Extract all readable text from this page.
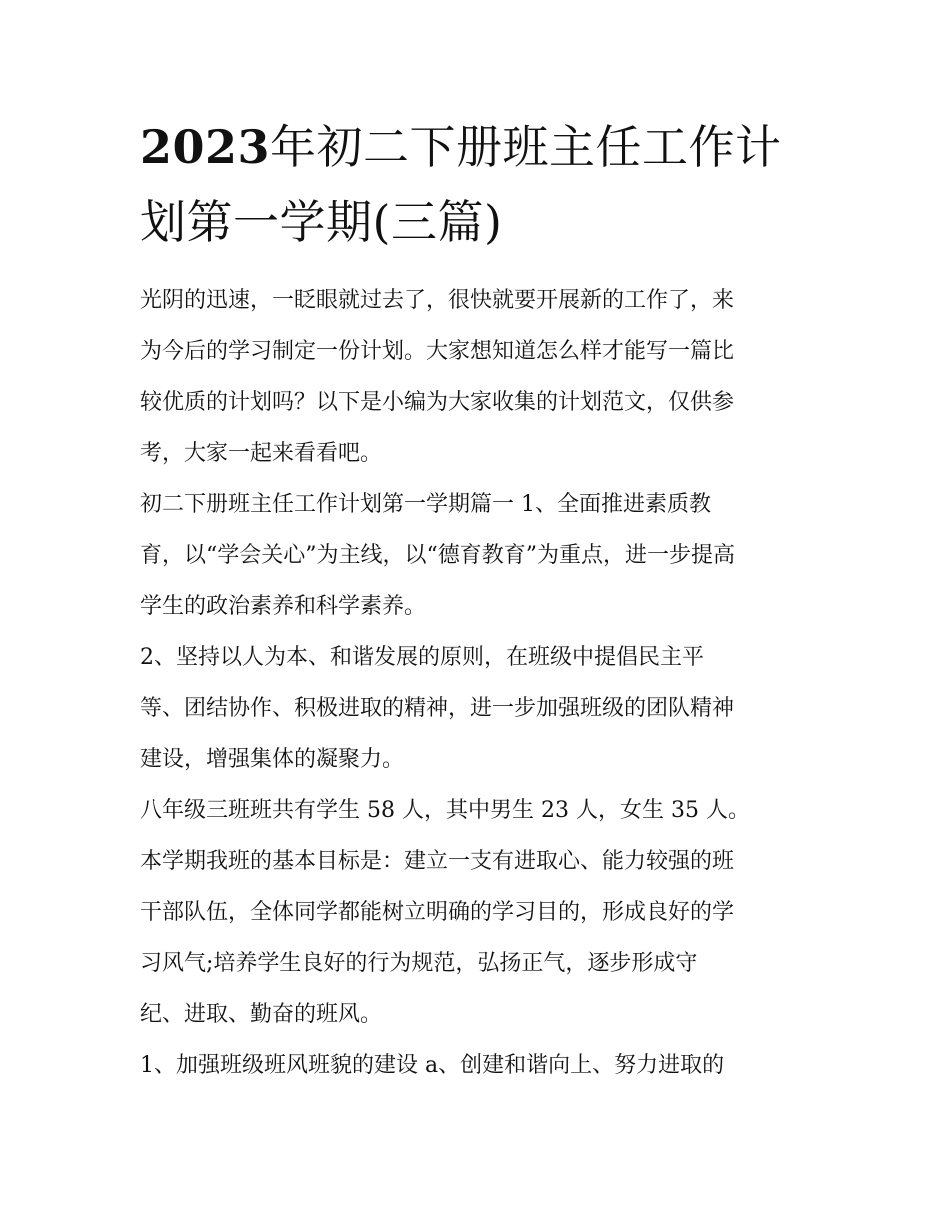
2023年初二下册班主任工作计
划第一学期(三篇)
光阴的迅速，一眨眼就过去了，很快就要开展新的工作了，来
为今后的学习制定一份计划。大家想知道怎么样才能写一篇比
较优质的计划吗？以下是小编为大家收集的计划范文，仅供参
考，大家一起来看看吧。
初二下册班主任工作计划第一学期篇一 1、全面推进素质教
育，以“学会关心”为主线，以“德育教育”为重点，进一步提高
学生的政治素养和科学素养。
2、坚持以人为本、和谐发展的原则，在班级中提倡民主平
等、团结协作、积极进取的精神，进一步加强班级的团队精神
建设，增强集体的凝聚力。
八年级三班班共有学生 58 人，其中男生 23 人，女生 35 人。
本学期我班的基本目标是：建立一支有进取心、能力较强的班
干部队伍，全体同学都能树立明确的学习目的，形成良好的学
习风气;培养学生良好的行为规范，弘扬正气，逐步形成守
纪、进取、勤奋的班风。
1、加强班级班风班貌的建设 a、创建和谐向上、努力进取的
